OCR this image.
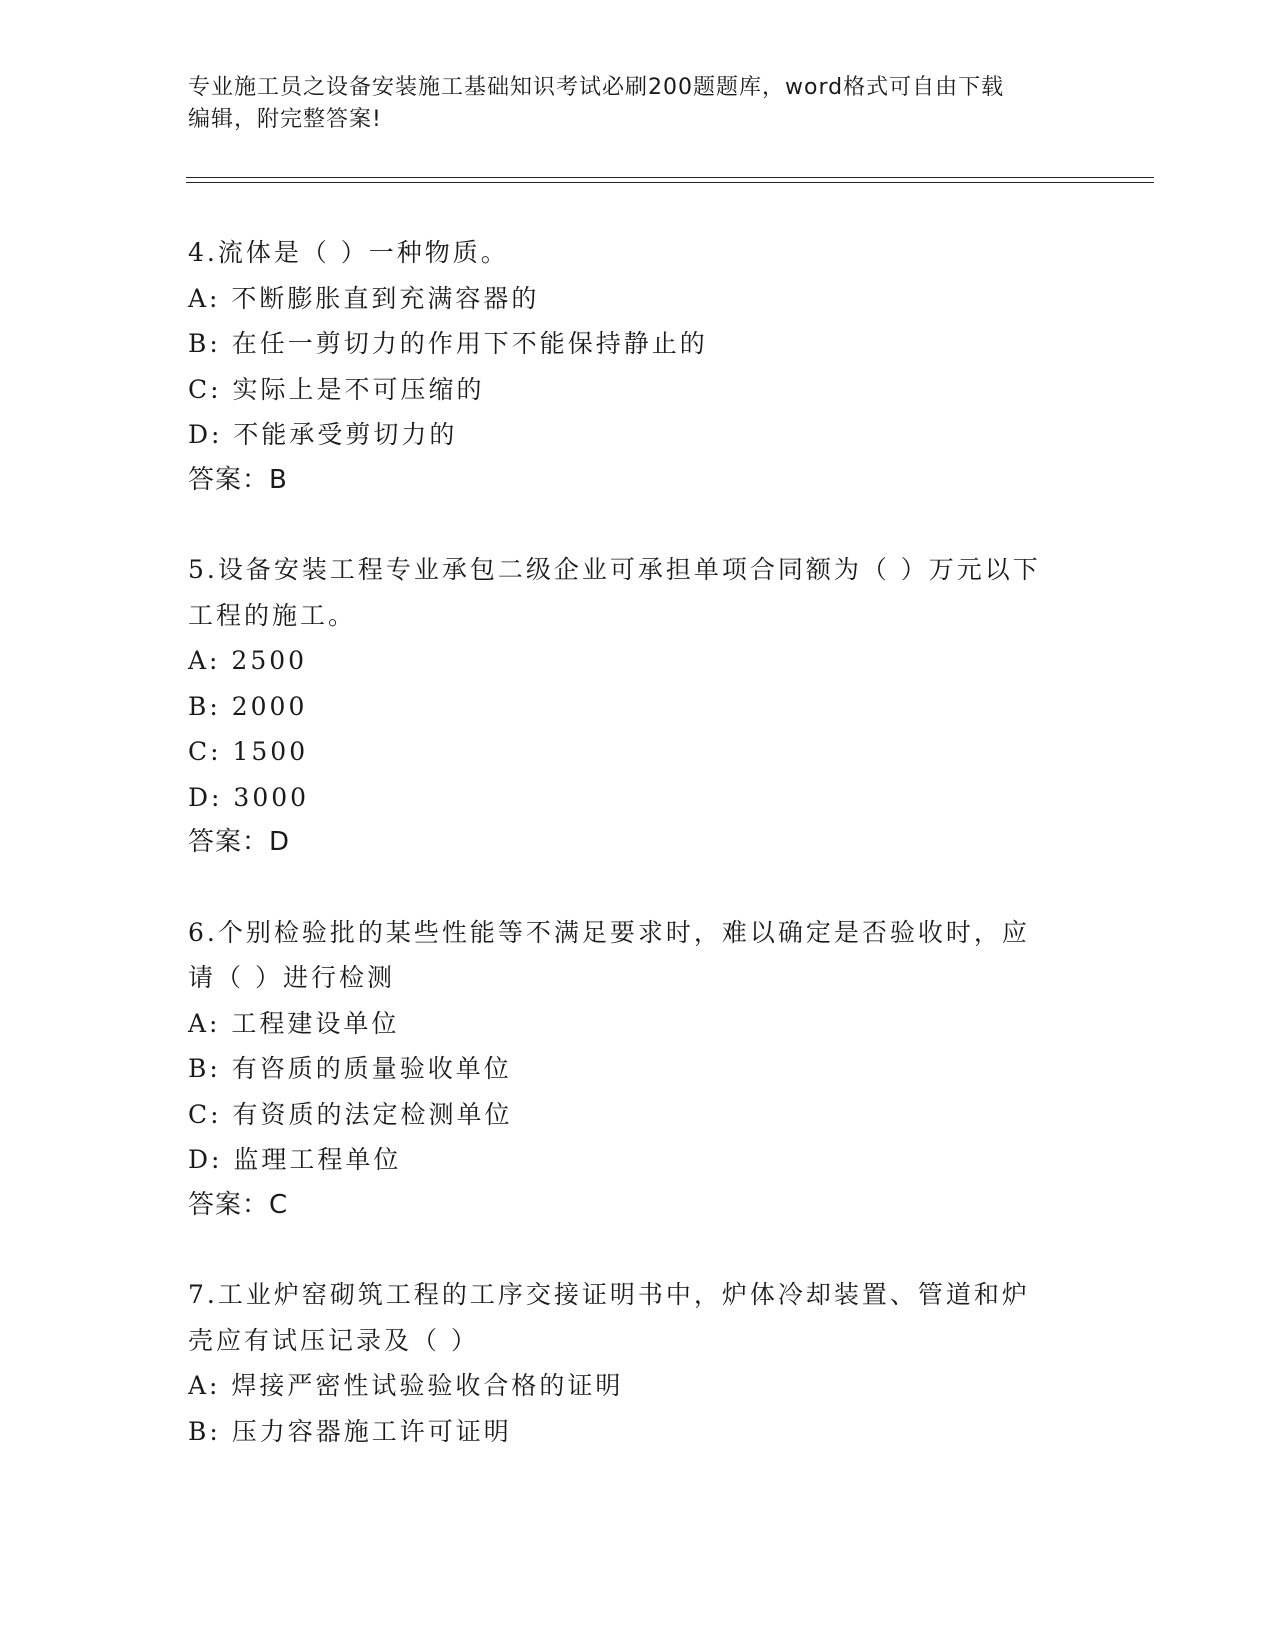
专业施工员之设备安装施工基础知识考试必刷200题题库，word格式可自由下载
编辑，附完整答案!
4.流体是（ ）一种物质。
A: 不断膨胀直到充满容器的
B: 在任一剪切力的作用下不能保持静止的
C: 实际上是不可压缩的
D: 不能承受剪切力的
答案：B
5.设备安装工程专业承包二级企业可承担单项合同额为（ ）万元以下
工程的施工。
A: 2500
B: 2000
C: 1500
D: 3000
答案：D
6.个别检验批的某些性能等不满足要求时，难以确定是否验收时，应
请（ ）进行检测
A: 工程建设单位
B: 有咨质的质量验收单位
C: 有资质的法定检测单位
D: 监理工程单位
答案：C
7.工业炉窑砌筑工程的工序交接证明书中，炉体冷却装置、管道和炉
壳应有试压记录及（ ）
A: 焊接严密性试验验收合格的证明
B: 压力容器施工许可证明
